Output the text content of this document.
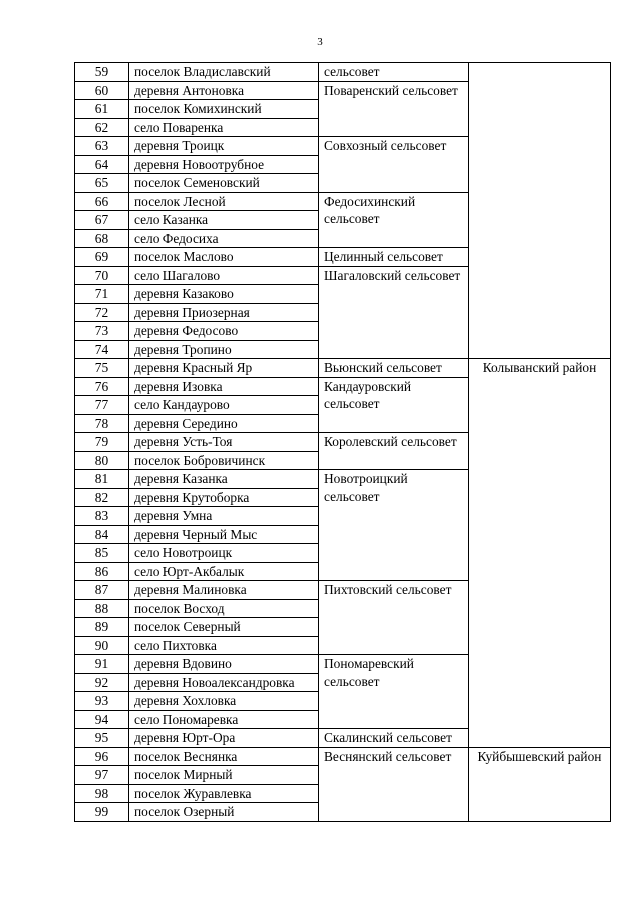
3
59	поселок Владиславский	сельсовет	
60	деревня Антоновка	Поваренский сельсовет	
61	поселок Комихинский		
62	село Поваренка		
63	деревня Троицк	Совхозный сельсовет	
64	деревня Новоотрубное		
65	поселок Семеновский		
66	поселок Лесной	Федосихинский сельсовет	
67	село Казанка		
68	село Федосиха		
69	поселок Маслово	Целинный сельсовет	
70	село Шагалово	Шагаловский сельсовет	
71	деревня Казаково		
72	деревня Приозерная		
73	деревня Федосово		
74	деревня Тропино		
75	деревня Красный Яр	Вьюнский сельсовет	Колыванский район
76	деревня Изовка	Кандауровский сельсовет	
77	село Кандаурово		
78	деревня Середино		
79	деревня Усть-Тоя	Королевский сельсовет	
80	поселок Бобровичинск		
81	деревня Казанка	Новотроицкий сельсовет	
82	деревня Крутоборка		
83	деревня Умна		
84	деревня Черный Мыс		
85	село Новотроицк		
86	село Юрт-Акбалык		
87	деревня Малиновка	Пихтовский сельсовет	
88	поселок Восход		
89	поселок Северный		
90	село Пихтовка		
91	деревня Вдовино	Пономаревский сельсовет	
92	деревня Новоалександровка		
93	деревня Хохловка		
94	село Пономаревка		
95	деревня Юрт-Ора	Скалинский сельсовет	
96	поселок Веснянка	Веснянский сельсовет	Куйбышевский район
97	поселок Мирный		
98	поселок Журавлевка		
99	поселок Озерный		
